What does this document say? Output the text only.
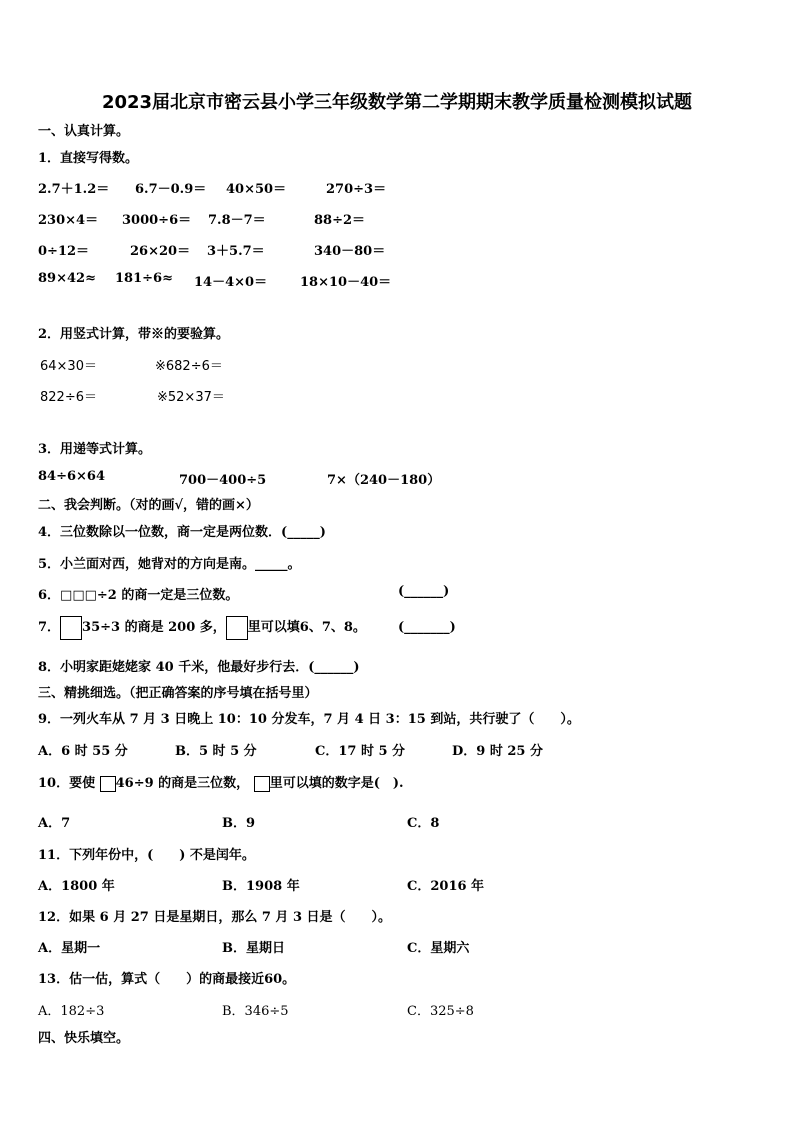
2023届北京市密云县小学三年级数学第二学期期末教学质量检测模拟试题
一、认真计算。
1．直接写得数。
2.7＋1.2＝ 6.7－0.9＝ 40×50＝	270÷3＝
230×4＝ 3000÷6＝ 7.8－7＝	88÷2＝
0÷12＝	26×20＝ 3＋5.7＝	340－80＝
89×42≈ 181÷6≈ 14－4×0＝	18×10－40＝
2．用竖式计算，带※的要验算。
64×30＝	※682÷6＝
822÷6＝	※52×37＝
3．用递等式计算。
84÷6×64	700－400÷5	7×（240－180）
二、我会判断。（对的画√，错的画×）
4．三位数除以一位数，商一定是两位数．(_____)
5．小兰面对西，她背对的方向是南。_____。
6．□□□÷2 的商一定是三位数。	(______)
7． 35÷3 的商是 200 多， 里可以填6、7、8。 (_______)
8．小明家距姥姥家 40 千米，他最好步行去．(______)
三、精挑细选。（把正确答案的序号填在括号里）
9．一列火车从 7 月 3 日晚上 10：10 分发车，7 月 4 日 3：15 到站，共行驶了（　　）。
A．6 时 55 分	B．5 时 5 分	C．17 时 5 分	D．9 时 25 分
10．要使 46÷9 的商是三位数， 里可以填的数字是(　).
A．7	B．9	C．8
11．下列年份中，(　　) 不是闰年。
A．1800 年	B．1908 年	C．2016 年
12．如果 6 月 27 日是星期日，那么 7 月 3 日是（　　）。
A．星期一	B．星期日	C．星期六
13．估一估，算式（　　）的商最接近60。
A．182÷3	B．346÷5	C．325÷8
四、快乐填空。
